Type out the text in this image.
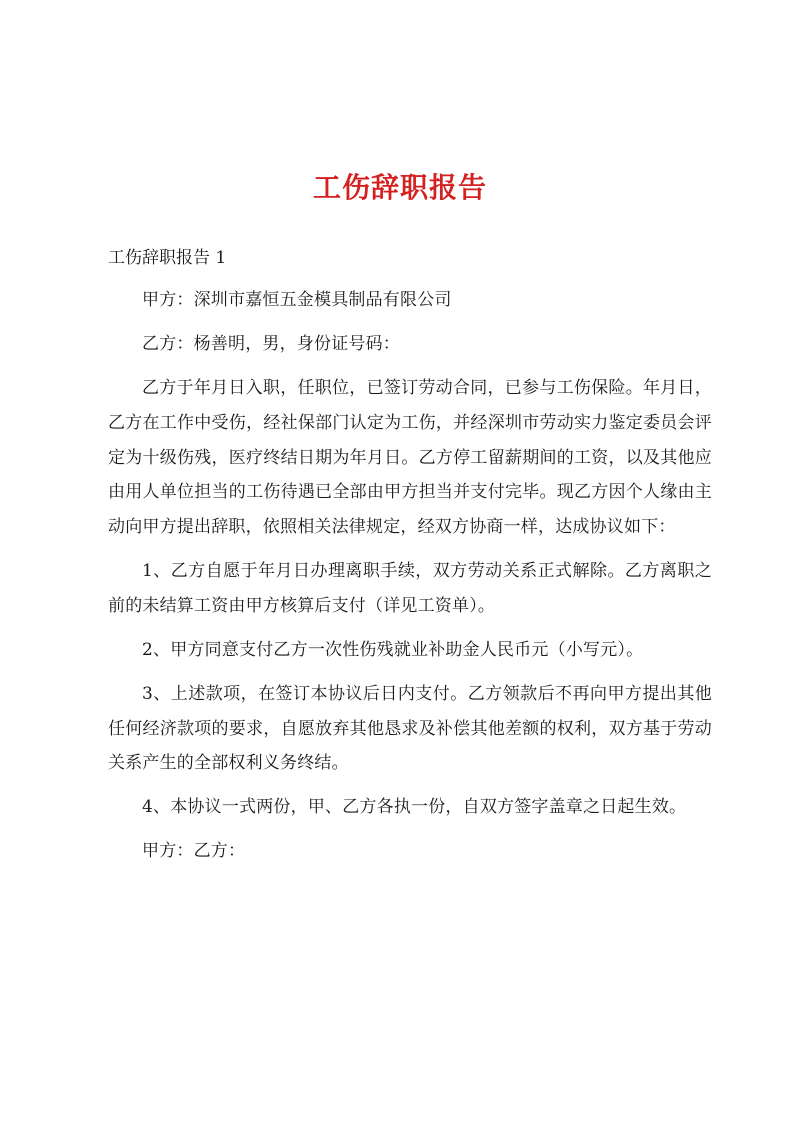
工伤辞职报告
工伤辞职报告 1

甲方：深圳市嘉恒五金模具制品有限公司

乙方：杨善明，男，身份证号码：

乙方于年月日入职，任职位，已签订劳动合同，已参与工伤保险。年月日，乙方在工作中受伤，经社保部门认定为工伤，并经深圳市劳动实力鉴定委员会评定为十级伤残，医疗终结日期为年月日。乙方停工留薪期间的工资，以及其他应由用人单位担当的工伤待遇已全部由甲方担当并支付完毕。现乙方因个人缘由主动向甲方提出辞职，依照相关法律规定，经双方协商一样，达成协议如下：

1、乙方自愿于年月日办理离职手续，双方劳动关系正式解除。乙方离职之前的未结算工资由甲方核算后支付（详见工资单）。

2、甲方同意支付乙方一次性伤残就业补助金人民币元（小写元）。

3、上述款项，在签订本协议后日内支付。乙方领款后不再向甲方提出其他任何经济款项的要求，自愿放弃其他恳求及补偿其他差额的权利，双方基于劳动关系产生的全部权利义务终结。

4、本协议一式两份，甲、乙方各执一份，自双方签字盖章之日起生效。

甲方：乙方：
